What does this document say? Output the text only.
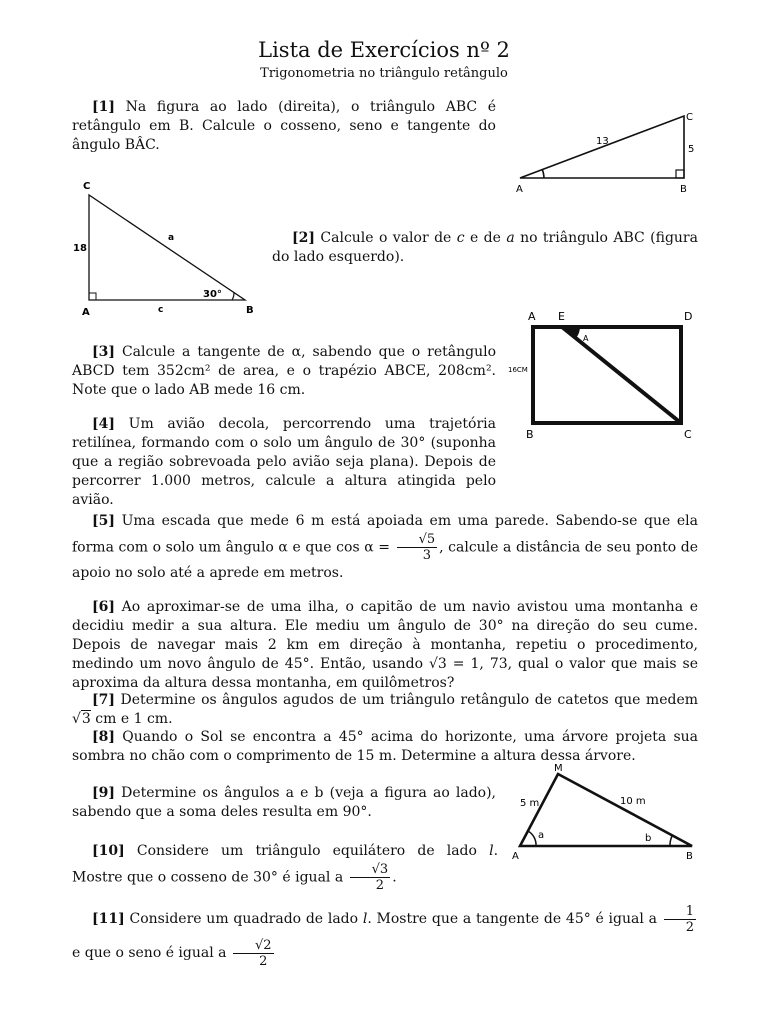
Lista de Exercícios nº 2
Trigonometria no triângulo retângulo

[1] Na figura ao lado (direita), o triângulo ABC é retângulo em B. Calcule o cosseno, seno e tangente do ângulo BÂC.

A	B
C
13
5
C
A	B
18
a
c
30°

[2] Calcule o valor de c e de a no triângulo ABC (figura do lado esquerdo).

A E	D
B	C
A
16CM

[3] Calcule a tangente de α, sabendo que o retângulo ABCD tem 352cm² de area, e o trapézio ABCE, 208cm². Note que o lado AB mede 16 cm.

[4] Um avião decola, percorrendo uma trajetória retilínea, formando com o solo um ângulo de 30° (suponha que a região sobrevoada pelo avião seja plana). Depois de percorrer 1.000 metros, calcule a altura atingida pelo avião.

[5] Uma escada que mede 6 m está apoiada em uma parede. Sabendo-se que ela forma com o solo um ângulo α e que $\cos \alpha = \frac{√5}{3}$ , calcule a distância de seu ponto de apoio no solo até a aprede em metros.

[6] Ao aproximar-se de uma ilha, o capitão de um navio avistou uma montanha e decidiu medir a sua altura. Ele mediu um ângulo de 30° na direção do seu cume. Depois de navegar mais 2 km em direção à montanha, repetiu o procedimento, medindo um novo ângulo de 45°. Então, usando √3 = 1, 73, qual o valor que mais se aproxima da altura dessa montanha, em quilômetros?

[7] Determine os ângulos agudos de um triângulo retângulo de catetos que medem √3 cm e 1 cm.

[8] Quando o Sol se encontra a 45° acima do horizonte, uma árvore projeta sua sombra no chão com o comprimento de 15 m. Determine a altura dessa árvore.

[9] Determine os ângulos a e b (veja a figura ao lado), sabendo que a soma deles resulta em 90°.

M
A	B
5 m	10 m
a	b

[10] Considere um triângulo equilátero de lado l. Mostre que o cosseno de 30° é igual a $\frac{√3}{2}$ .

[11] Considere um quadrado de lado l. Mostre que a tangente de 45° é igual a $\frac{1}{2}$
e que o seno é igual a $\frac{√2}{2}$
